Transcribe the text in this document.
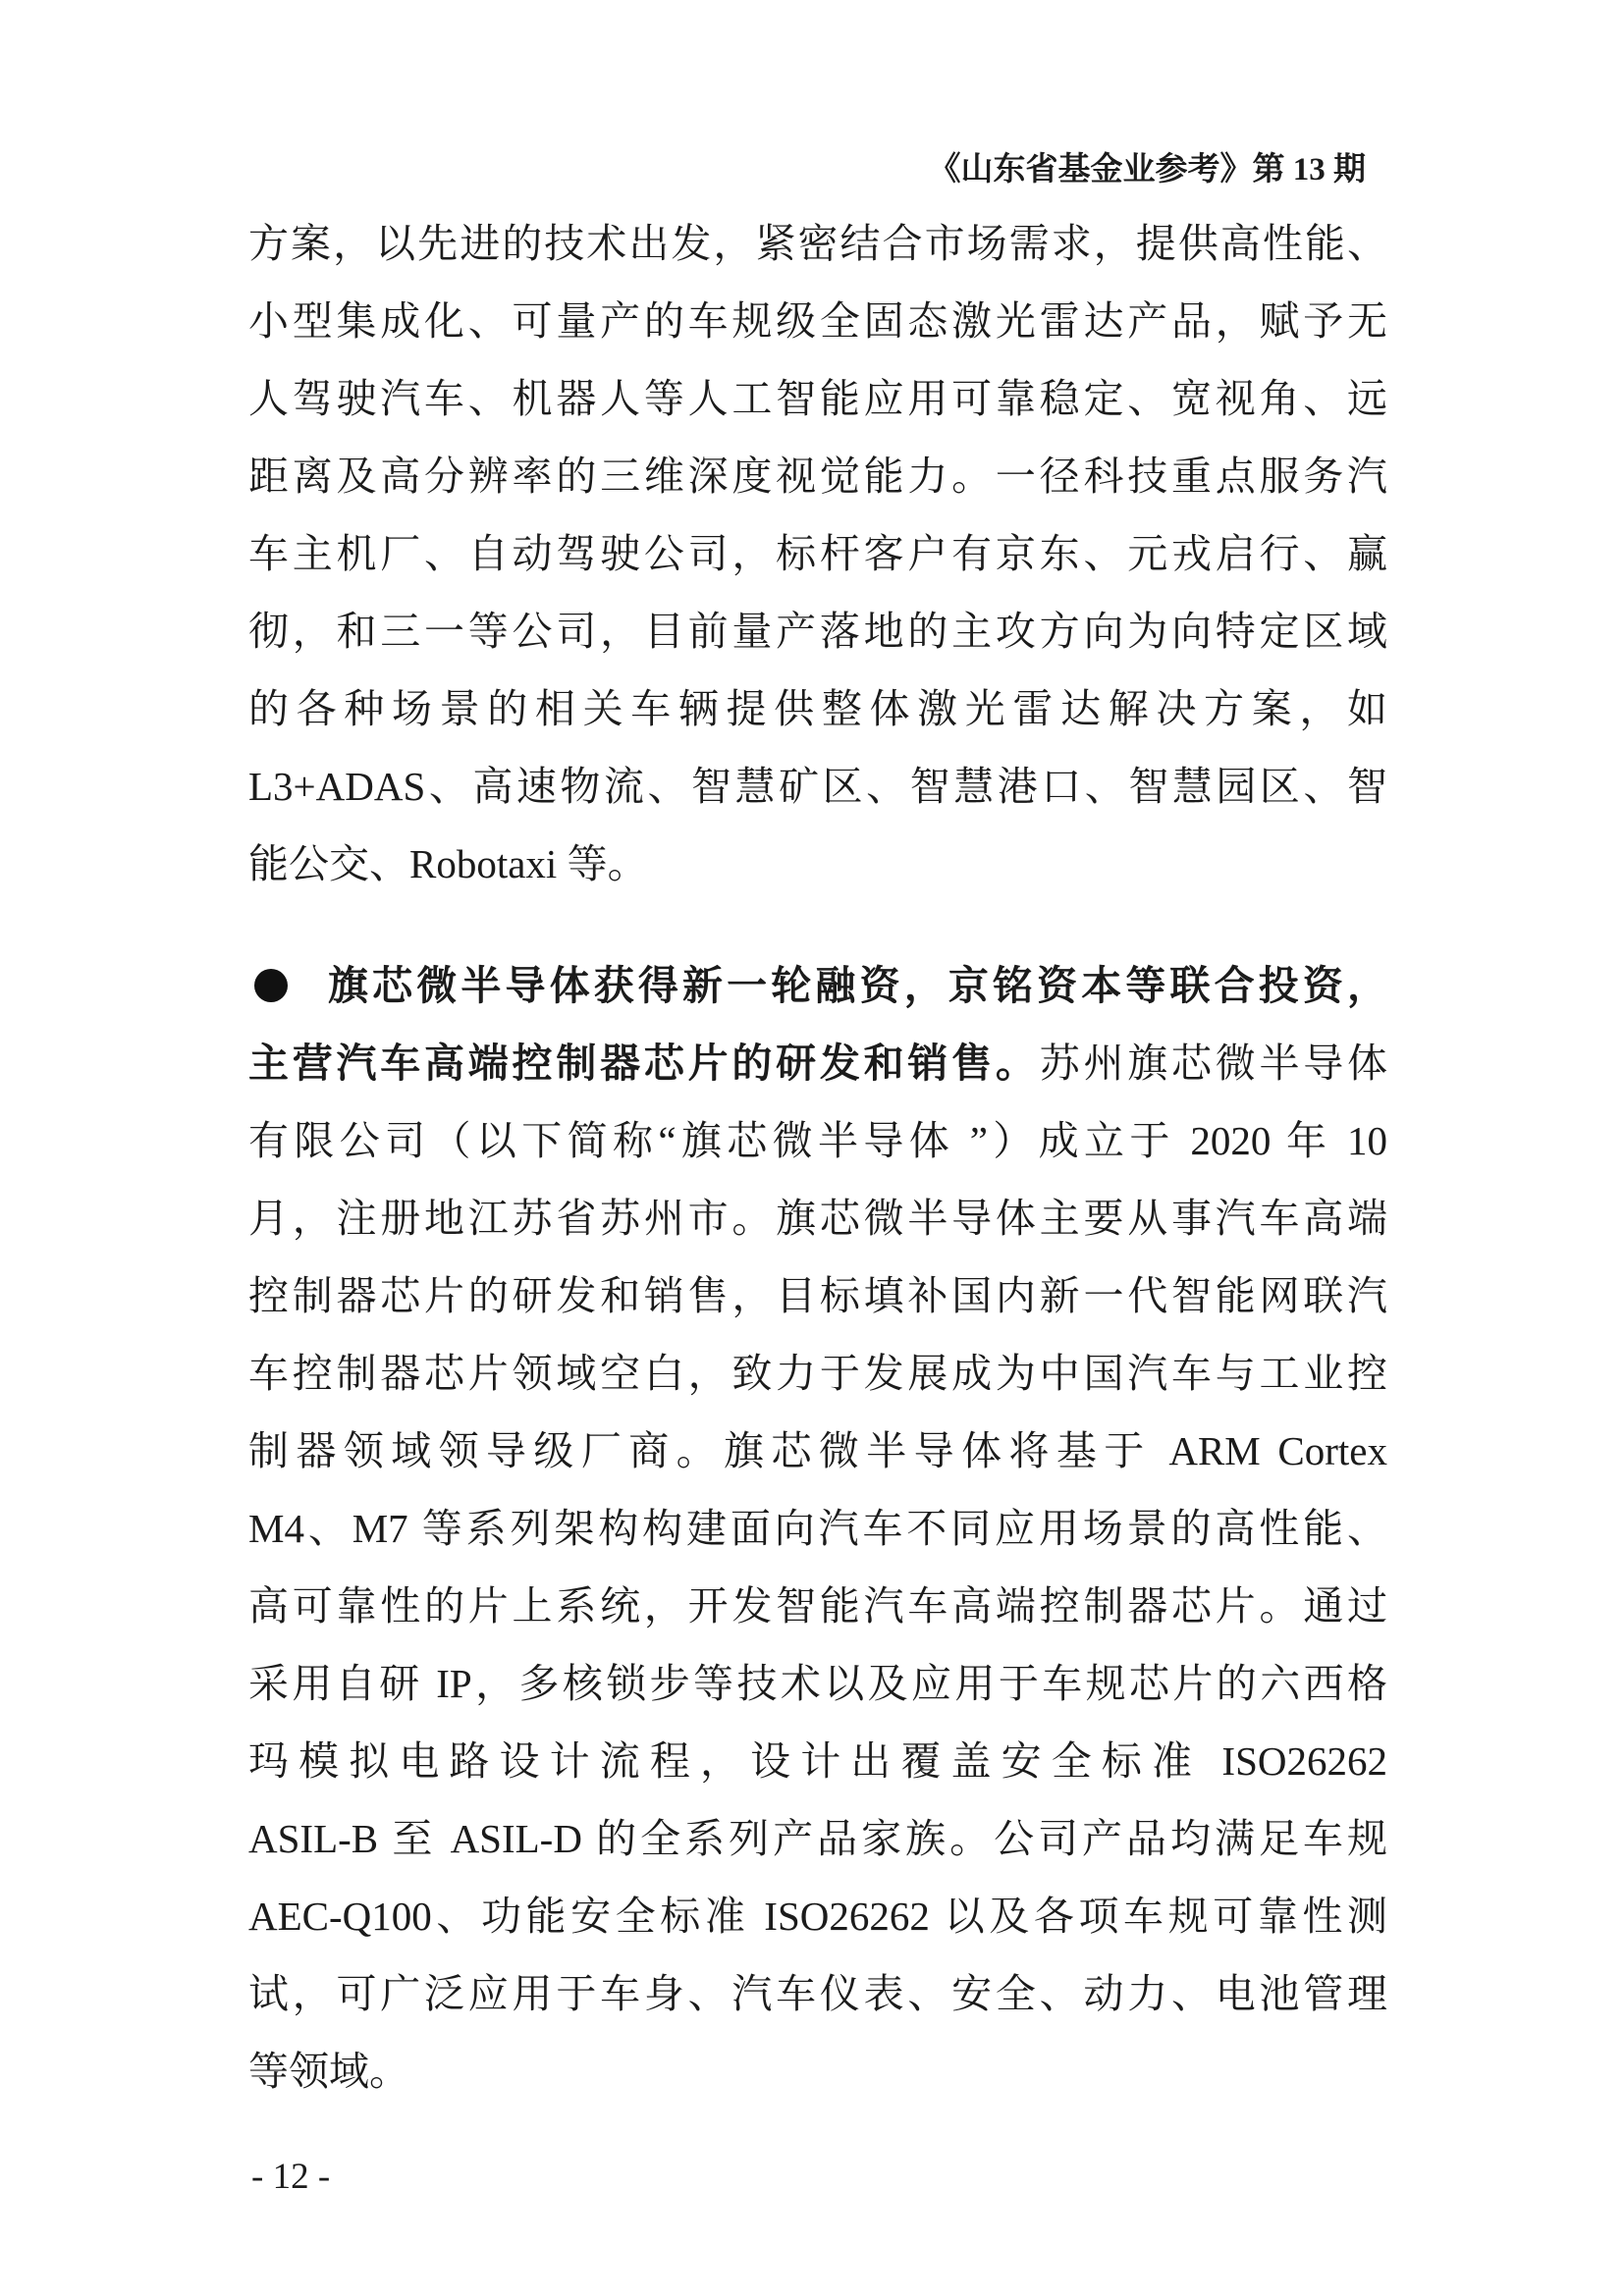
《山东省基金业参考》第 13 期
方案，以先进的技术出发，紧密结合市场需求，提供高性能、
小型集成化、可量产的车规级全固态激光雷达产品，赋予无
人驾驶汽车、机器人等人工智能应用可靠稳定、宽视角、远
距离及高分辨率的三维深度视觉能力。一径科技重点服务汽
车主机厂、自动驾驶公司，标杆客户有京东、元戎启行、赢
彻，和三一等公司，目前量产落地的主攻方向为向特定区域
的各种场景的相关车辆提供整体激光雷达解决方案，如
L3+ADAS、高速物流、智慧矿区、智慧港口、智慧园区、智
能公交、Robotaxi 等。
旗芯微半导体获得新一轮融资，京铭资本等联合投资，
主营汽车高端控制器芯片的研发和销售。苏州旗芯微半导体
有限公司（以下简称“旗芯微半导体 ”）成立于 2020 年 10
月，注册地江苏省苏州市。旗芯微半导体主要从事汽车高端
控制器芯片的研发和销售，目标填补国内新一代智能网联汽
车控制器芯片领域空白，致力于发展成为中国汽车与工业控
制器领域领导级厂商。旗芯微半导体将基于 ARM Cortex
M4、M7 等系列架构构建面向汽车不同应用场景的高性能、
高可靠性的片上系统，开发智能汽车高端控制器芯片。通过
采用自研 IP，多核锁步等技术以及应用于车规芯片的六西格
玛模拟电路设计流程，设计出覆盖安全标准 ISO26262
ASIL-B 至 ASIL-D 的全系列产品家族。公司产品均满足车规
AEC-Q100、功能安全标准 ISO26262 以及各项车规可靠性测
试，可广泛应用于车身、汽车仪表、安全、动力、电池管理
等领域。
- 12 -
